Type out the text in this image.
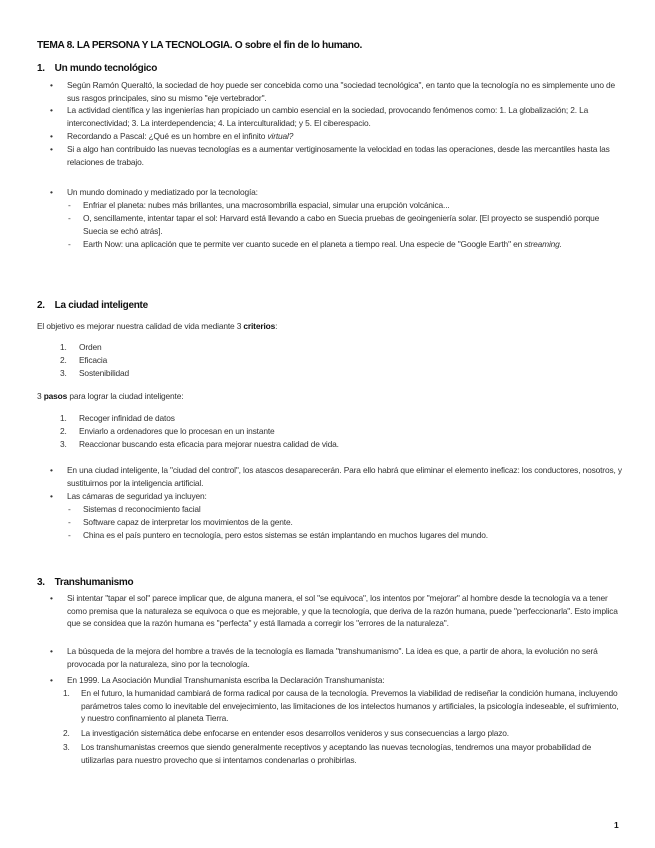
TEMA 8. LA PERSONA Y LA TECNOLOGIA. O sobre el fin de lo humano.
1. Un mundo tecnológico
• Según Ramón Queraltó, la sociedad de hoy puede ser concebida como una "sociedad tecnológica", en tanto que la tecnología no es simplemente uno de sus rasgos principales, sino su mismo "eje vertebrador".
• La actividad científica y las ingenierías han propiciado un cambio esencial en la sociedad, provocando fenómenos como: 1. La globalización; 2. La interconectividad; 3. La interdependencia; 4. La interculturalidad; y 5. El ciberespacio.
• Recordando a Pascal: ¿Qué es un hombre en el infinito virtual?
• Si a algo han contribuido las nuevas tecnologías es a aumentar vertiginosamente la velocidad en todas las operaciones, desde las mercantiles hasta las relaciones de trabajo.
• Un mundo dominado y mediatizado por la tecnología:
- Enfriar el planeta: nubes más brillantes, una macrosombrilla espacial, simular una erupción volcánica...
- O, sencillamente, intentar tapar el sol: Harvard está llevando a cabo en Suecia pruebas de geoingeniería solar. [El proyecto se suspendió porque Suecia se echó atrás].
- Earth Now: una aplicación que te permite ver cuanto sucede en el planeta a tiempo real. Una especie de "Google Earth" en streaming.
2. La ciudad inteligente
El objetivo es mejorar nuestra calidad de vida mediante 3 criterios:
1. Orden
2. Eficacia
3. Sostenibilidad
3 pasos para lograr la ciudad inteligente:
1. Recoger infinidad de datos
2. Enviarlo a ordenadores que lo procesan en un instante
3. Reaccionar buscando esta eficacia para mejorar nuestra calidad de vida.
• En una ciudad inteligente, la "ciudad del control", los atascos desaparecerán. Para ello habrá que eliminar el elemento ineficaz: los conductores, nosotros, y sustituirnos por la inteligencia artificial.
• Las cámaras de seguridad ya incluyen:
- Sistemas d reconocimiento facial
- Software capaz de interpretar los movimientos de la gente.
- China es el país puntero en tecnología, pero estos sistemas se están implantando en muchos lugares del mundo.
3. Transhumanismo
• Si intentar "tapar el sol" parece implicar que, de alguna manera, el sol "se equivoca", los intentos por "mejorar" al hombre desde la tecnología va a tener como premisa que la naturaleza se equivoca o que es mejorable, y que la tecnología, que deriva de la razón humana, puede "perfeccionarla". Esto implica que se considea que la razón humana es "perfecta" y está llamada a corregir los "errores de la naturaleza".
• La búsqueda de la mejora del hombre a través de la tecnología es llamada "transhumanismo". La idea es que, a partir de ahora, la evolución no será provocada por la naturaleza, sino por la tecnología.
• En 1999. La Asociación Mundial Transhumanista escriba la Declaración Transhumanista:
1. En el futuro, la humanidad cambiará de forma radical por causa de la tecnología. Prevemos la viabilidad de rediseñar la condición humana, incluyendo parámetros tales como lo inevitable del envejecimiento, las limitaciones de los intelectos humanos y artificiales, la psicología indeseable, el sufrimiento, y nuestro confinamiento al planeta Tierra.
2. La investigación sistemática debe enfocarse en entender esos desarrollos venideros y sus consecuencias a largo plazo.
3. Los transhumanistas creemos que siendo generalmente receptivos y aceptando las nuevas tecnologías, tendremos una mayor probabilidad de utilizarlas para nuestro provecho que si intentamos condenarlas o prohibirlas.
1
